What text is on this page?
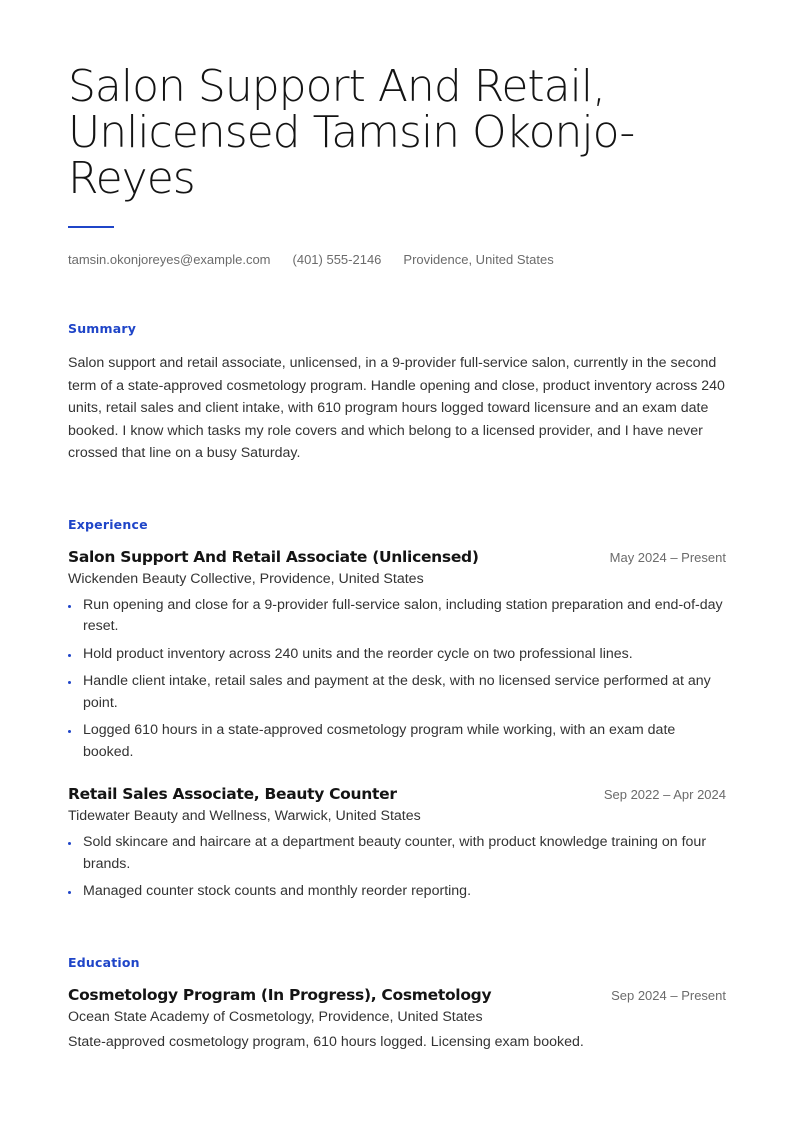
Salon Support And Retail, Unlicensed Tamsin Okonjo-Reyes
tamsin.okonjoreyes@example.com (401) 555-2146 Providence, United States
Summary

Salon support and retail associate, unlicensed, in a 9-provider full-service salon, currently in the second term of a state-approved cosmetology program. Handle opening and close, product inventory across 240 units, retail sales and client intake, with 610 program hours logged toward licensure and an exam date booked. I know which tasks my role covers and which belong to a licensed provider, and I have never crossed that line on a busy Saturday.

Experience
Salon Support And Retail Associate (Unlicensed)	May 2024 – Present
Wickenden Beauty Collective, Providence, United States
Run opening and close for a 9-provider full-service salon, including station preparation and end-of-day reset.
Hold product inventory across 240 units and the reorder cycle on two professional lines.
Handle client intake, retail sales and payment at the desk, with no licensed service performed at any point.
Logged 610 hours in a state-approved cosmetology program while working, with an exam date booked.
Retail Sales Associate, Beauty Counter	Sep 2022 – Apr 2024
Tidewater Beauty and Wellness, Warwick, United States
Sold skincare and haircare at a department beauty counter, with product knowledge training on four brands.
Managed counter stock counts and monthly reorder reporting.
Education
Cosmetology Program (In Progress), Cosmetology	Sep 2024 – Present
Ocean State Academy of Cosmetology, Providence, United States

State-approved cosmetology program, 610 hours logged. Licensing exam booked.
